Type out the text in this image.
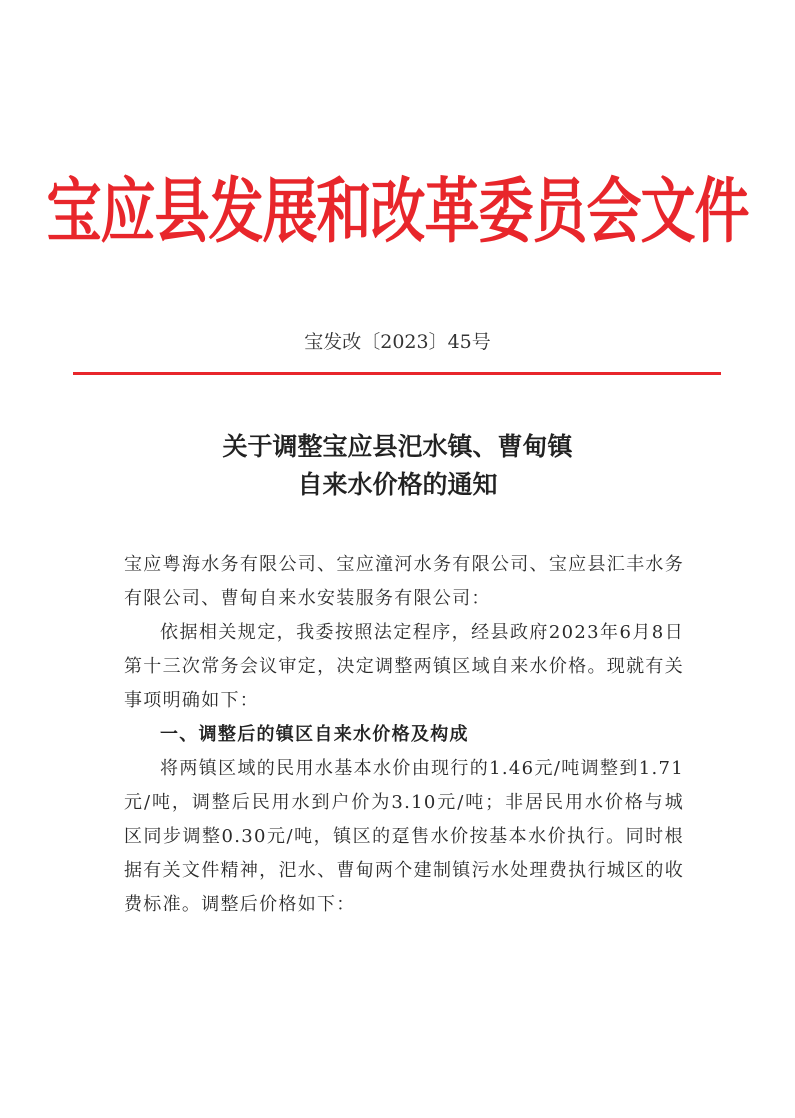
宝应县发展和改革委员会文件
宝发改〔2023〕45号
关于调整宝应县汜水镇、曹甸镇
自来水价格的通知

宝应粤海水务有限公司、宝应潼河水务有限公司、宝应县汇丰水务有限公司、曹甸自来水安装服务有限公司：

依据相关规定，我委按照法定程序，经县政府2023年6月8日第十三次常务会议审定，决定调整两镇区域自来水价格。现就有关事项明确如下：

一、调整后的镇区自来水价格及构成

将两镇区域的民用水基本水价由现行的1.46元/吨调整到1.71元/吨，调整后民用水到户价为3.10元/吨；非居民用水价格与城区同步调整0.30元/吨，镇区的趸售水价按基本水价执行。同时根据有关文件精神，汜水、曹甸两个建制镇污水处理费执行城区的收费标准。调整后价格如下：
